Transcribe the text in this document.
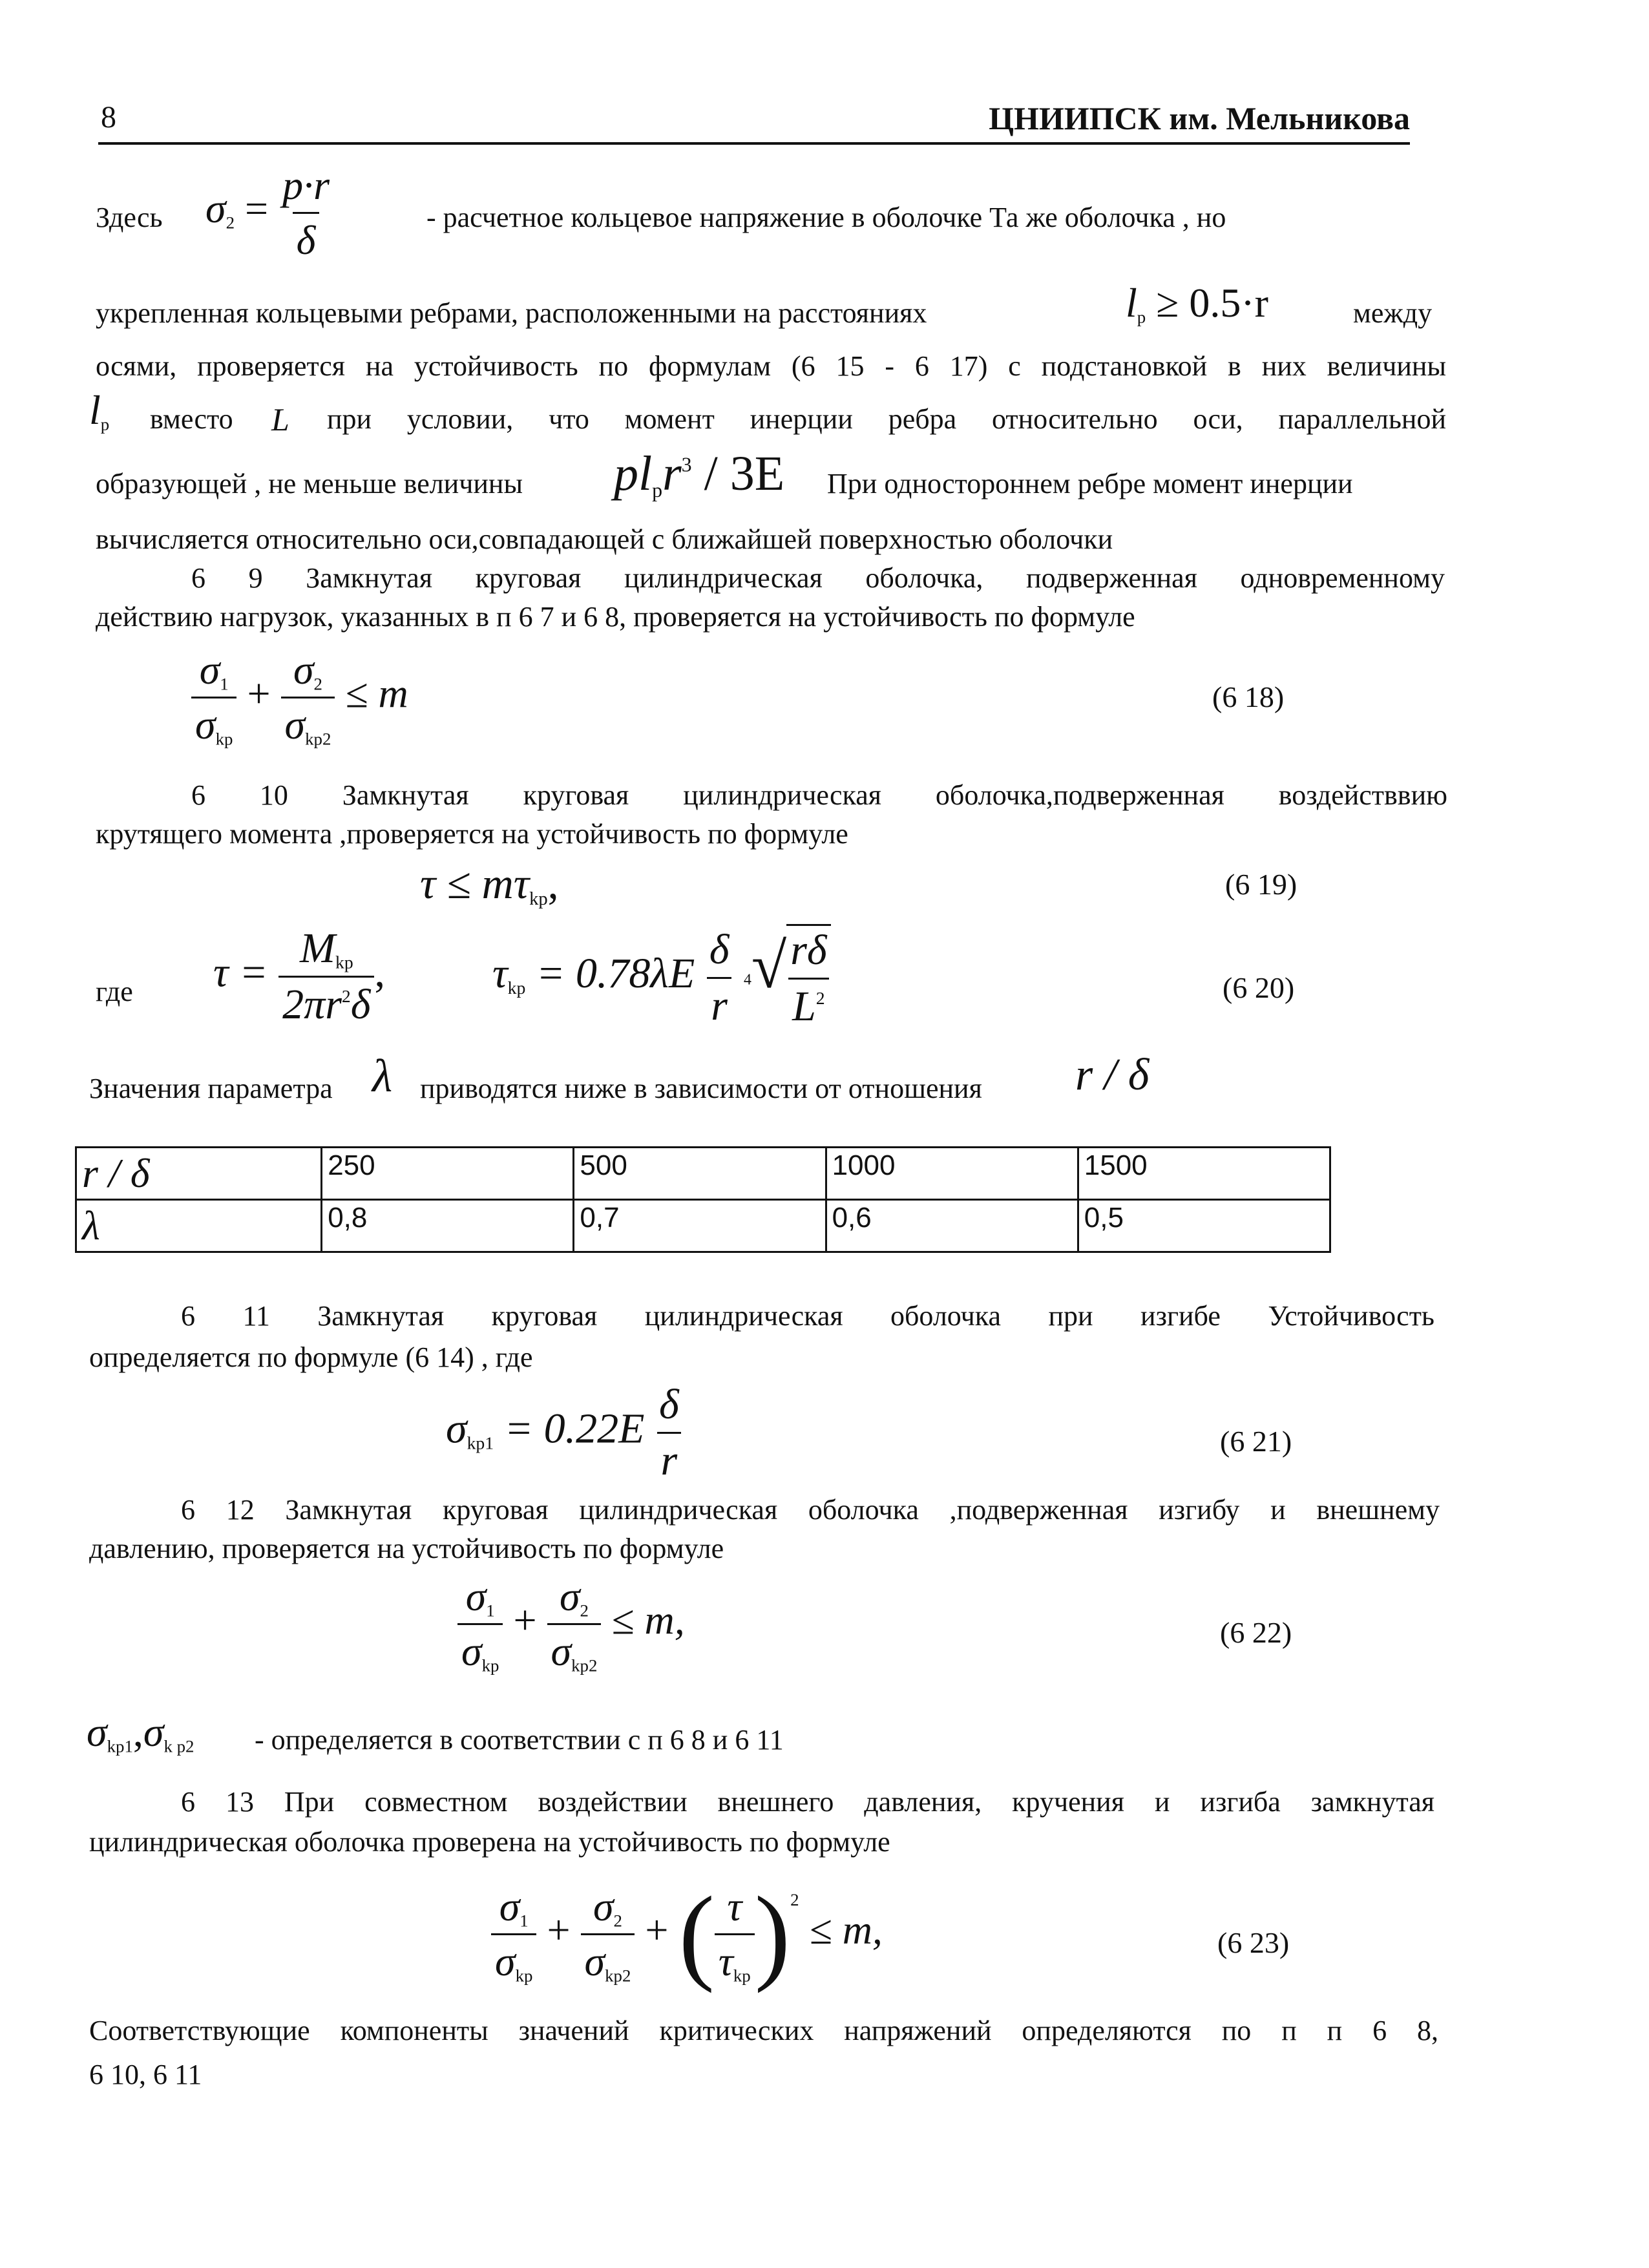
8	ЦНИИПСК им. Мельникова
Здесь $\sigma_2 = \frac{p\cdot r}{\delta}$	- расчетное кольцевое напряжение в оболочке Та же оболочка , но
укрепленная кольцевыми ребрами, расположенными на расстояниях	$l_p \ge 0.5\cdot r$	между
осями, проверяется на устойчивость по формулам (6 15 - 6 17) с подстановкой в них величины
$l_p$ вместо L при условии, что момент инерции ребра относительно оси, параллельной
образующей , не меньше величины $pl_pr^3 / 3E$ При одностороннем ребре момент инерции
вычисляется относительно оси,совпадающей с ближайшей поверхностью оболочки
6 9 Замкнутая круговая цилиндрическая оболочка, подверженная одновременному
действию нагрузок, указанных в п 6 7 и 6 8, проверяется на устойчивость по формуле
$\frac{\sigma_1}{\sigma_{kp}} + \frac{\sigma_2}{\sigma_{kp2}} \le m$	(6 18)
6 10 Замкнутая круговая цилиндрическая оболочка,подверженная воздействвию
крутящего момента ,проверяется на устойчивость по формуле
$\tau \le m\tau_{kp}$,	(6 19)
где $\tau = \frac{M_{kp}}{2\pi r^2\delta}$ ,	$\tau_{kp} = 0.78\lambda E \frac{\delta}{r} ^4√ \frac{r\delta}{L^2}$	(6 20)
Значения параметра λ приводятся ниже в зависимости от отношения r / δ
r / δ	250	500	1000	1500
λ	0,8	0,7	0,6	0,5
6 11 Замкнутая круговая цилиндрическая оболочка при изгибе Устойчивость
определяется по формуле (6 14) , где
$\sigma_{kp1} = 0.22E \frac{\delta}{r}$	(6 21)
6 12 Замкнутая круговая цилиндрическая оболочка ,подверженная изгибу и внешнему
давлению, проверяется на устойчивость по формуле
$\frac{\sigma_1}{\sigma_{kp}} + \frac{\sigma_2}{\sigma_{kp2}} \le m$,	(6 22)
$\sigma_{kp1},\sigma_{k p2}$ - определяется в соответствии с п 6 8 и 6 11
6 13 При совместном воздействии внешнего давления, кручения и изгиба замкнутая
цилиндрическая оболочка проверена на устойчивость по формуле
$\frac{\sigma_1}{\sigma_{kp}} + \frac{\sigma_2}{\sigma_{kp2}}$ + ( $\frac{\tau}{\tau_{kp}} )^2 \le m$,	(6 23)
Соответствующие компоненты значений критических напряжений определяются по п п 6 8,
6 10, 6 11
